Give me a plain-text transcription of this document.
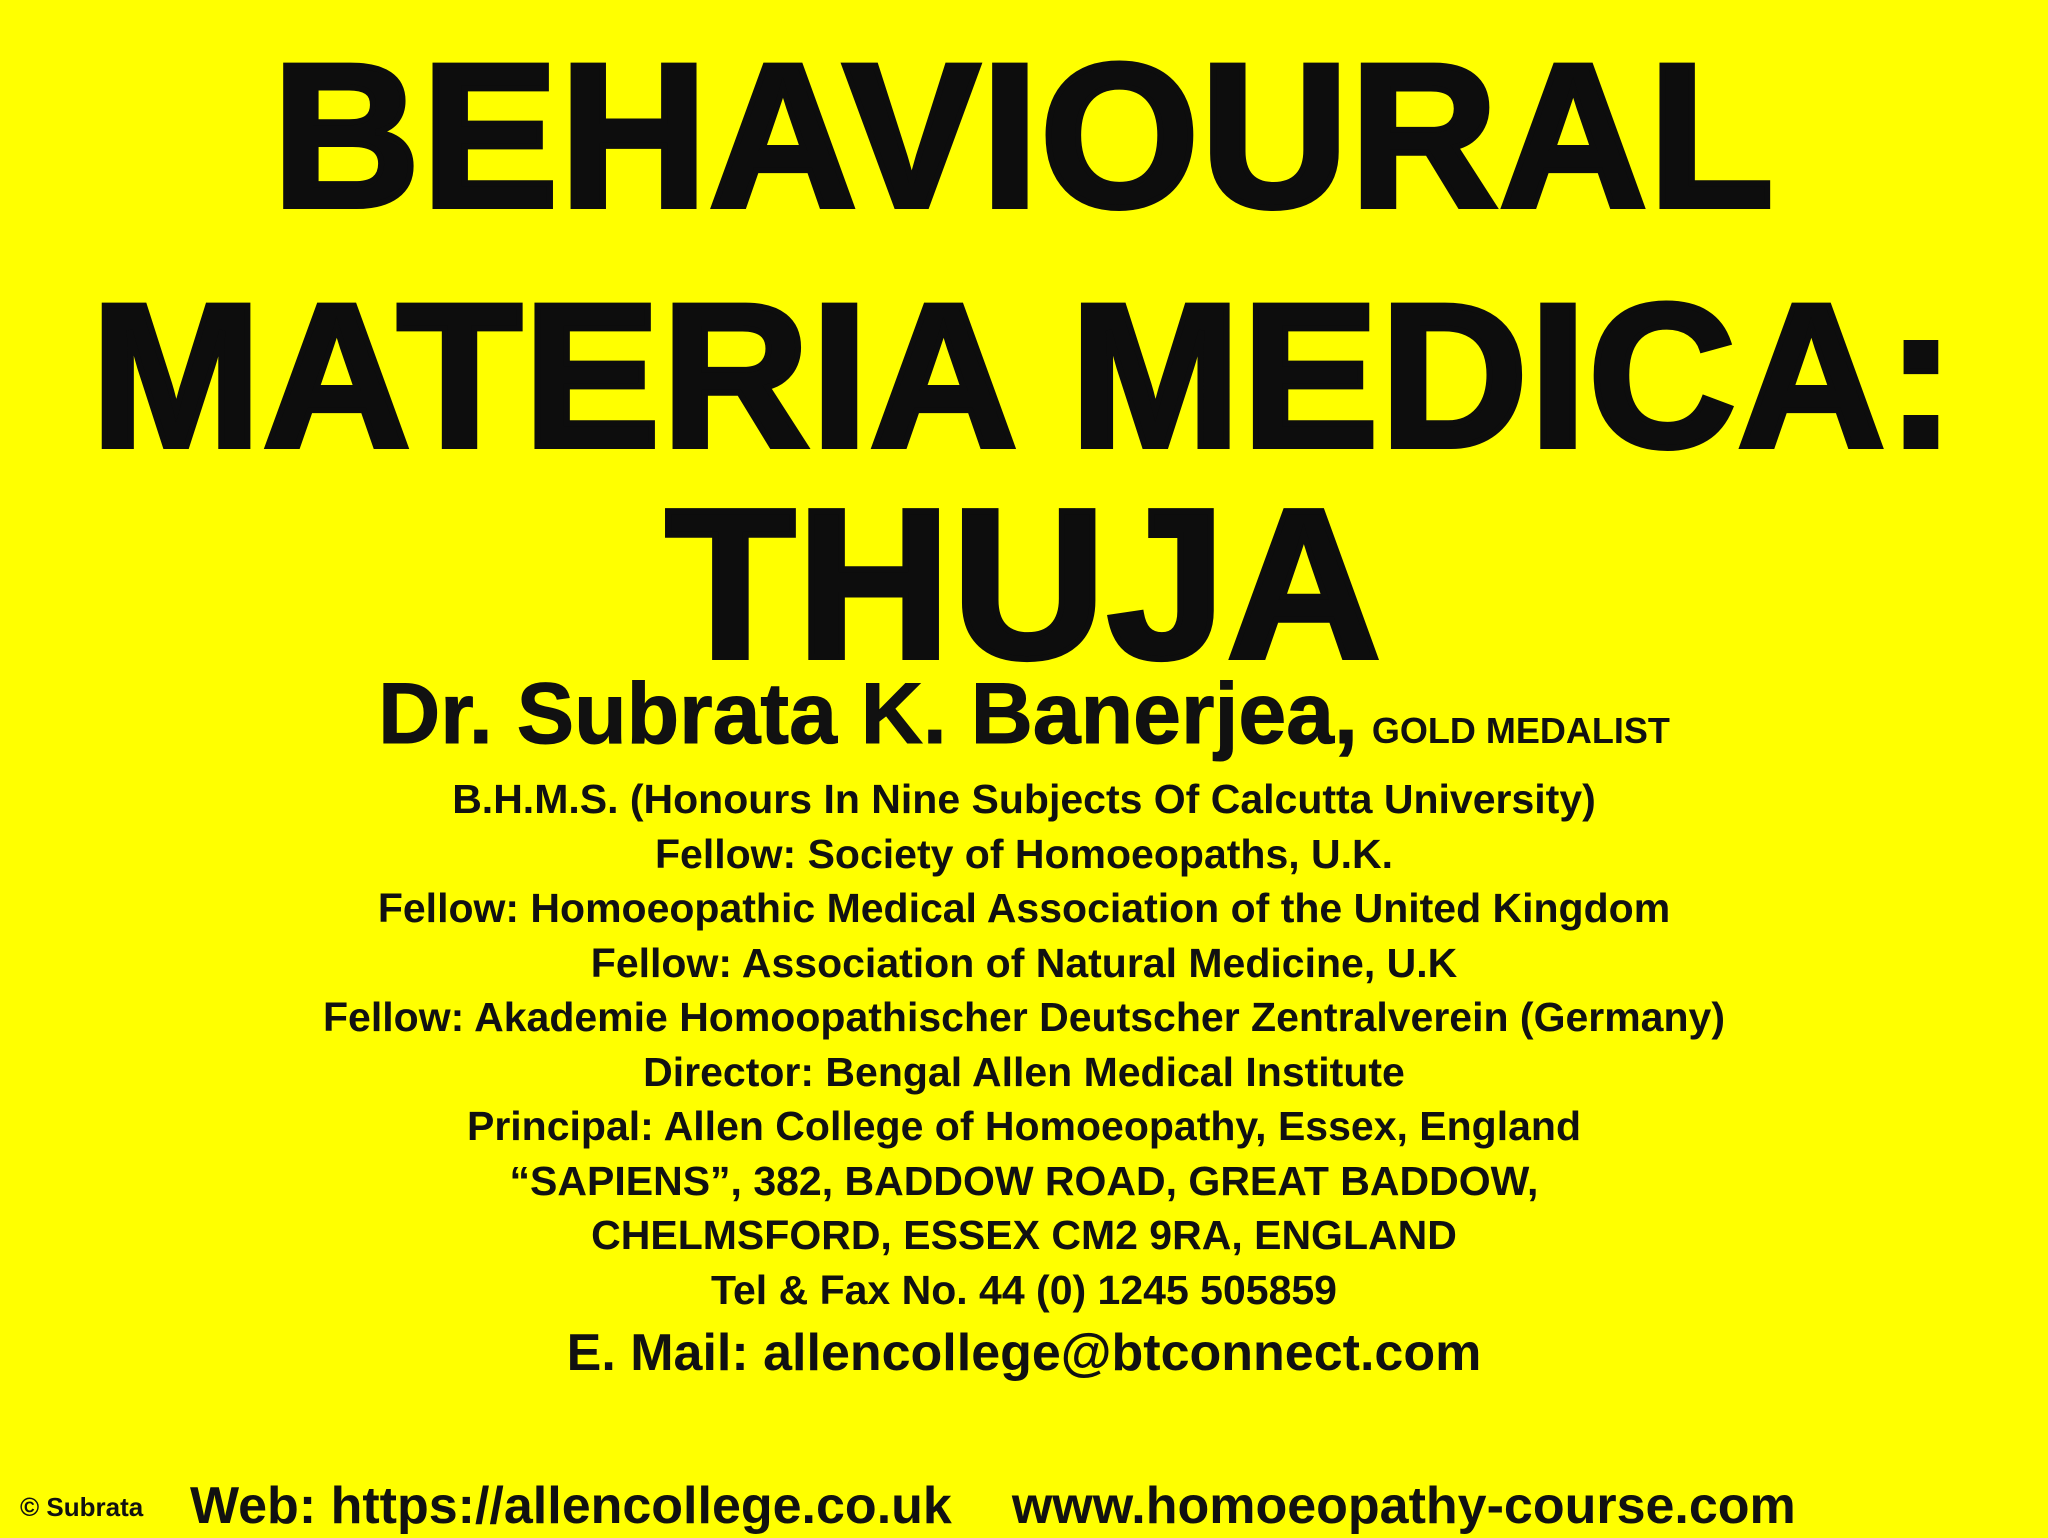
BEHAVIOURAL
MATERIA MEDICA:
THUJA
Dr. Subrata K. Banerjea, GOLD MEDALIST
B.H.M.S. (Honours In Nine Subjects Of Calcutta University)
Fellow: Society of Homoeopaths, U.K.
Fellow: Homoeopathic Medical Association of the United Kingdom
Fellow: Association of Natural Medicine, U.K
Fellow: Akademie Homoopathischer Deutscher Zentralverein (Germany)
Director: Bengal Allen Medical Institute
Principal: Allen College of Homoeopathy, Essex, England
“SAPIENS”, 382, BADDOW ROAD, GREAT BADDOW,
CHELMSFORD, ESSEX CM2 9RA, ENGLAND
Tel & Fax No. 44 (0) 1245 505859
E. Mail: allencollege@btconnect.com
© Subrata Web: https://allencollege.co.uk www.homoeopathy-course.com
